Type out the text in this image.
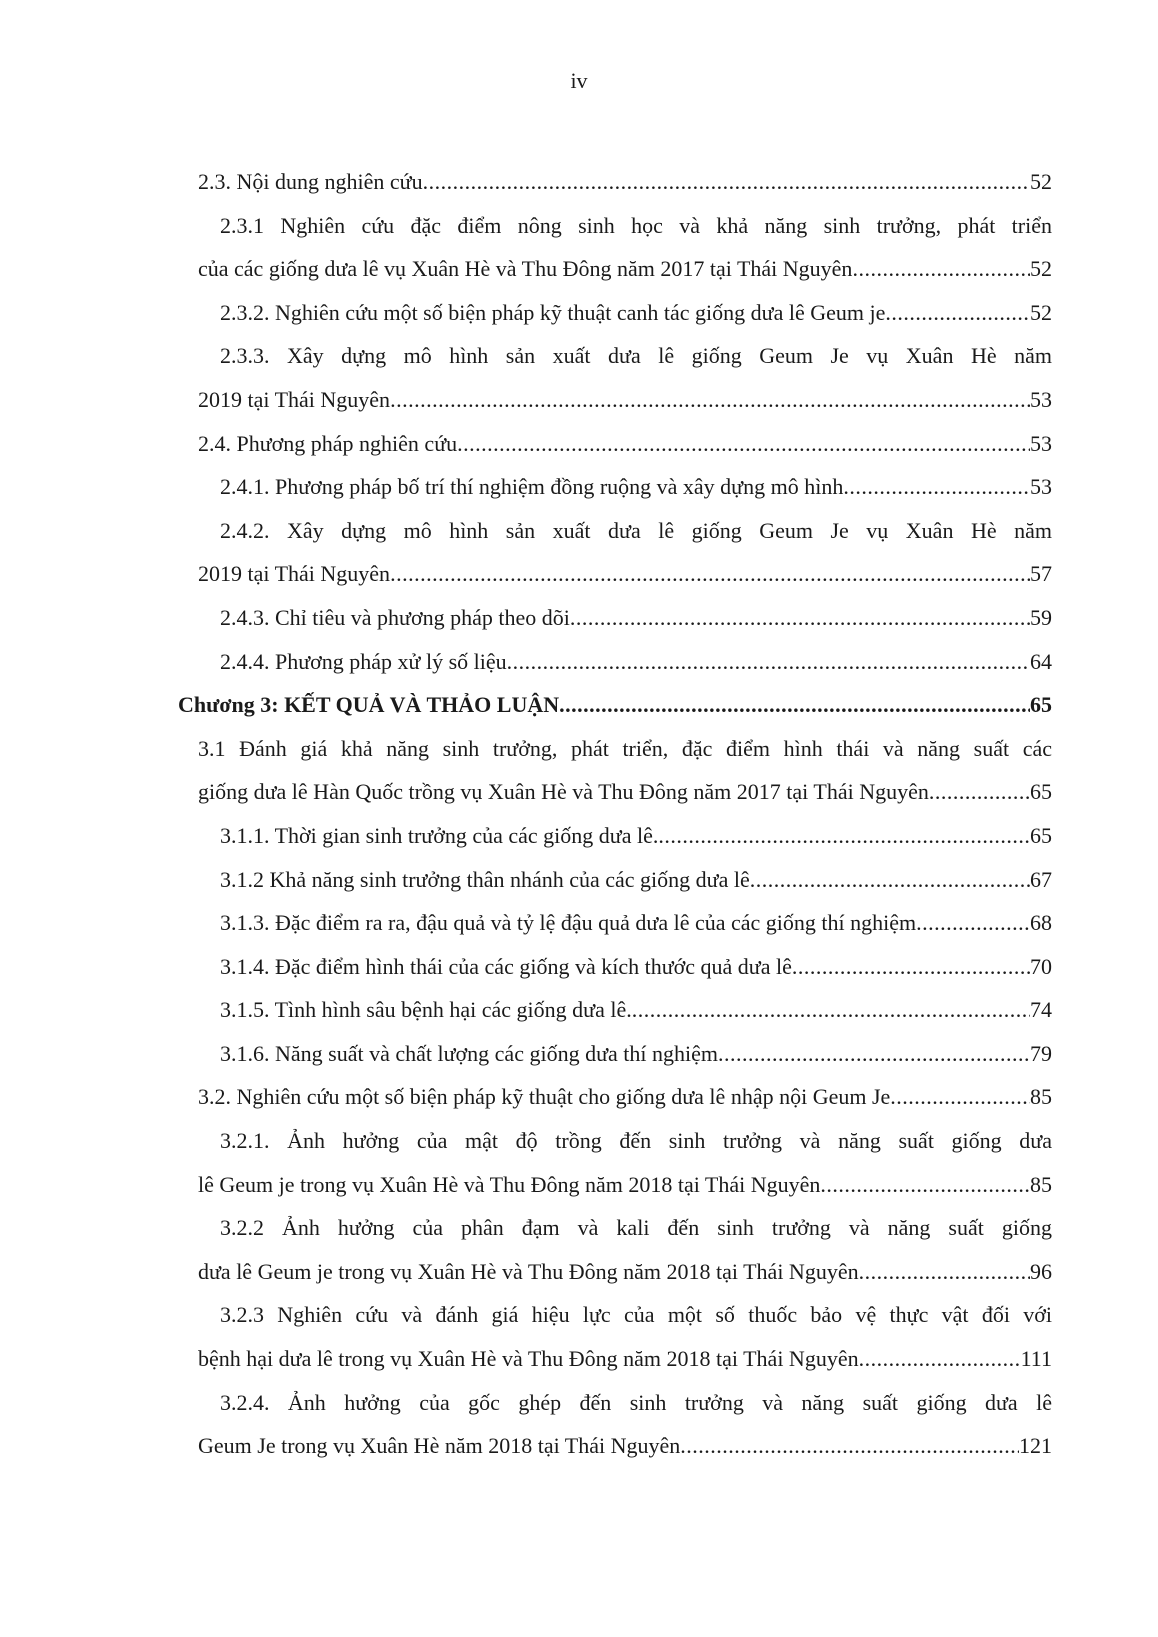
iv
2.3. Nội dung nghiên cứu .....	52
2.3.1 Nghiên cứu đặc điểm nông sinh học và khả năng sinh trưởng, phát triển
của các giống dưa lê vụ Xuân Hè và Thu Đông năm 2017 tại Thái Nguyên .....	52
2.3.2. Nghiên cứu một số biện pháp kỹ thuật canh tác giống dưa lê Geum je .....	52
2.3.3. Xây dựng mô hình sản xuất dưa lê giống Geum Je vụ Xuân Hè năm
2019 tại Thái Nguyên .....	53
2.4. Phương pháp nghiên cứu .....	53
2.4.1. Phương pháp bố trí thí nghiệm đồng ruộng và xây dựng mô hình .....	53
2.4.2. Xây dựng mô hình sản xuất dưa lê giống Geum Je vụ Xuân Hè năm
2019 tại Thái Nguyên .....	57
2.4.3. Chỉ tiêu và phương pháp theo dõi .....	59
2.4.4. Phương pháp xử lý số liệu .....	64
Chương 3: KẾT QUẢ VÀ THẢO LUẬN .....	65
3.1 Đánh giá khả năng sinh trưởng, phát triển, đặc điểm hình thái và năng suất các
giống dưa lê Hàn Quốc trồng vụ Xuân Hè và Thu Đông năm 2017 tại Thái Nguyên .....	65
3.1.1. Thời gian sinh trưởng của các giống dưa lê. .....	65
3.1.2 Khả năng sinh trưởng thân nhánh của các giống dưa lê .....	67
3.1.3. Đặc điểm ra ra, đậu quả và tỷ lệ đậu quả dưa lê của các giống thí nghiệm .....	68
3.1.4. Đặc điểm hình thái của các giống và kích thước quả dưa lê .....	70
3.1.5. Tình hình sâu bệnh hại các giống dưa lê. .....	74
3.1.6. Năng suất và chất lượng các giống dưa thí nghiệm .....	79
3.2. Nghiên cứu một số biện pháp kỹ thuật cho giống dưa lê nhập nội Geum Je .....	85
3.2.1. Ảnh hưởng của mật độ trồng đến sinh trưởng và năng suất giống dưa
lê Geum je trong vụ Xuân Hè và Thu Đông năm 2018 tại Thái Nguyên .....	85
3.2.2 Ảnh hưởng của phân đạm và kali đến sinh trưởng và năng suất giống
dưa lê Geum je trong vụ Xuân Hè và Thu Đông năm 2018 tại Thái Nguyên .....	96
3.2.3 Nghiên cứu và đánh giá hiệu lực của một số thuốc bảo vệ thực vật đối với
bệnh hại dưa lê trong vụ Xuân Hè và Thu Đông năm 2018 tại Thái Nguyên .....	111
3.2.4. Ảnh hưởng của gốc ghép đến sinh trưởng và năng suất giống dưa lê
Geum Je trong vụ Xuân Hè năm 2018 tại Thái Nguyên .....	121
